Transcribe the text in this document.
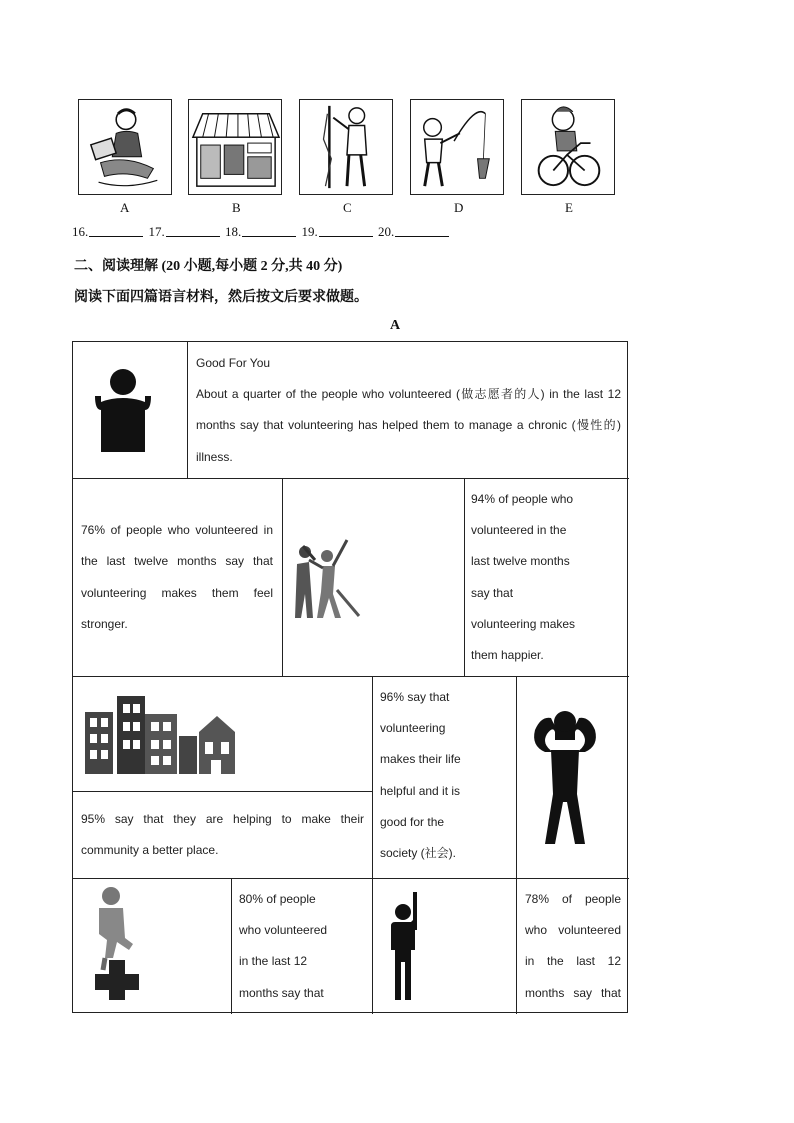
A	B	C	D	E
16.	17.	18.	19.	20.
二、阅读理解 (20 小题,每小题 2 分,共 40 分)
阅读下面四篇语言材料，然后按文后要求做题。
A
Good For You
About a quarter of the people who volunteered (做志愿者的人) in the last 12 months say that volunteering has helped them to manage a chronic (慢性的) illness.
76% of people who volunteered in the last twelve months say that volunteering makes them feel stronger.
94% of people who
volunteered in the
last twelve months
say that
volunteering makes
them happier.
95% say that they are helping to make their community a better place.
96% say that
volunteering
makes their life
helpful and it is
good for the
society (社会).
80% of people
who volunteered
in the last 12
months say that
78% of people
who volunteered
in the last 12
months say that
